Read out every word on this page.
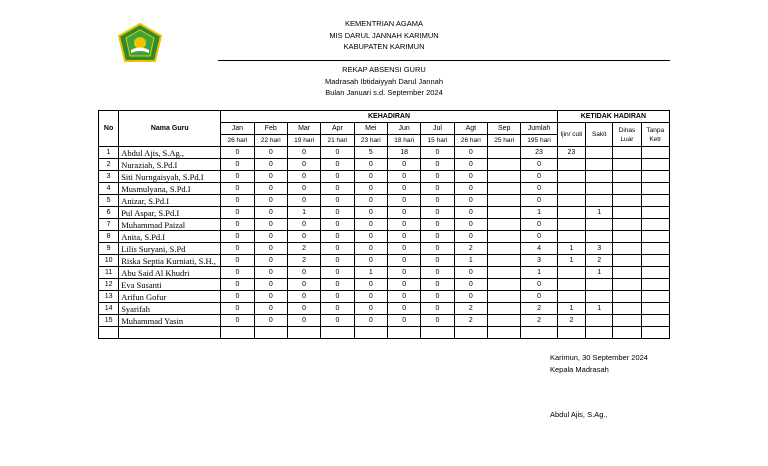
KEMENTRIAN AGAMA
MIS DARUL JANNAH KARIMUN
KABUPATEN KARIMUN
REKAP ABSENSI GURU
Madrasah Ibtidaiyyah Darul Jannah
Bulan Januari s.d. September 2024
No	Nama Guru	KEHADIRAN										KETIDAK HADIRAN			
		Jan	Feb	Mar	Apr	Mei	Jun	Jul	Agt	Sep	Jumlah	Ijin/ cuti	Sakit	Dinas Luar	Tanpa Ketr
		26 hari	22 hari	19 hari	21 hari	23 hari	18 hari	15 hari	26 hari	25 hari	195 hari				
1	Abdul Ajis, S.Ag.,	0	0	0	0	5	18	0	0		23	23			
2	Nuraziah, S.Pd.I	0	0	0	0	0	0	0	0		0				
3	Siti Nurngaisyah, S.Pd.I	0	0	0	0	0	0	0	0		0				
4	Musmulyana, S.Pd.I	0	0	0	0	0	0	0	0		0				
5	Anizar, S.Pd.I	0	0	0	0	0	0	0	0		0				
6	Pul Aspar, S.Pd.I	0	0	1	0	0	0	0	0		1		1		
7	Muhammad Paizal	0	0	0	0	0	0	0	0		0				
8	Anita, S.Pd.I	0	0	0	0	0	0	0	0		0				
9	Lilis Suryani, S.Pd	0	0	2	0	0	0	0	2		4	1	3		
10	Riska Septia Kurniati, S.H.,	0	0	2	0	0	0	0	1		3	1	2		
11	Abu Said Al Khudri	0	0	0	0	1	0	0	0		1		1		
12	Eva Susanti	0	0	0	0	0	0	0	0		0				
13	Arifun Gofur	0	0	0	0	0	0	0	0		0				
14	Syarifah	0	0	0	0	0	0	0	2		2	1	1		
15	Muhammad Yasin	0	0	0	0	0	0	0	2		2	2			

Karimun, 30 September 2024
Kepala Madrasah
Abdul Ajis, S.Ag.,
